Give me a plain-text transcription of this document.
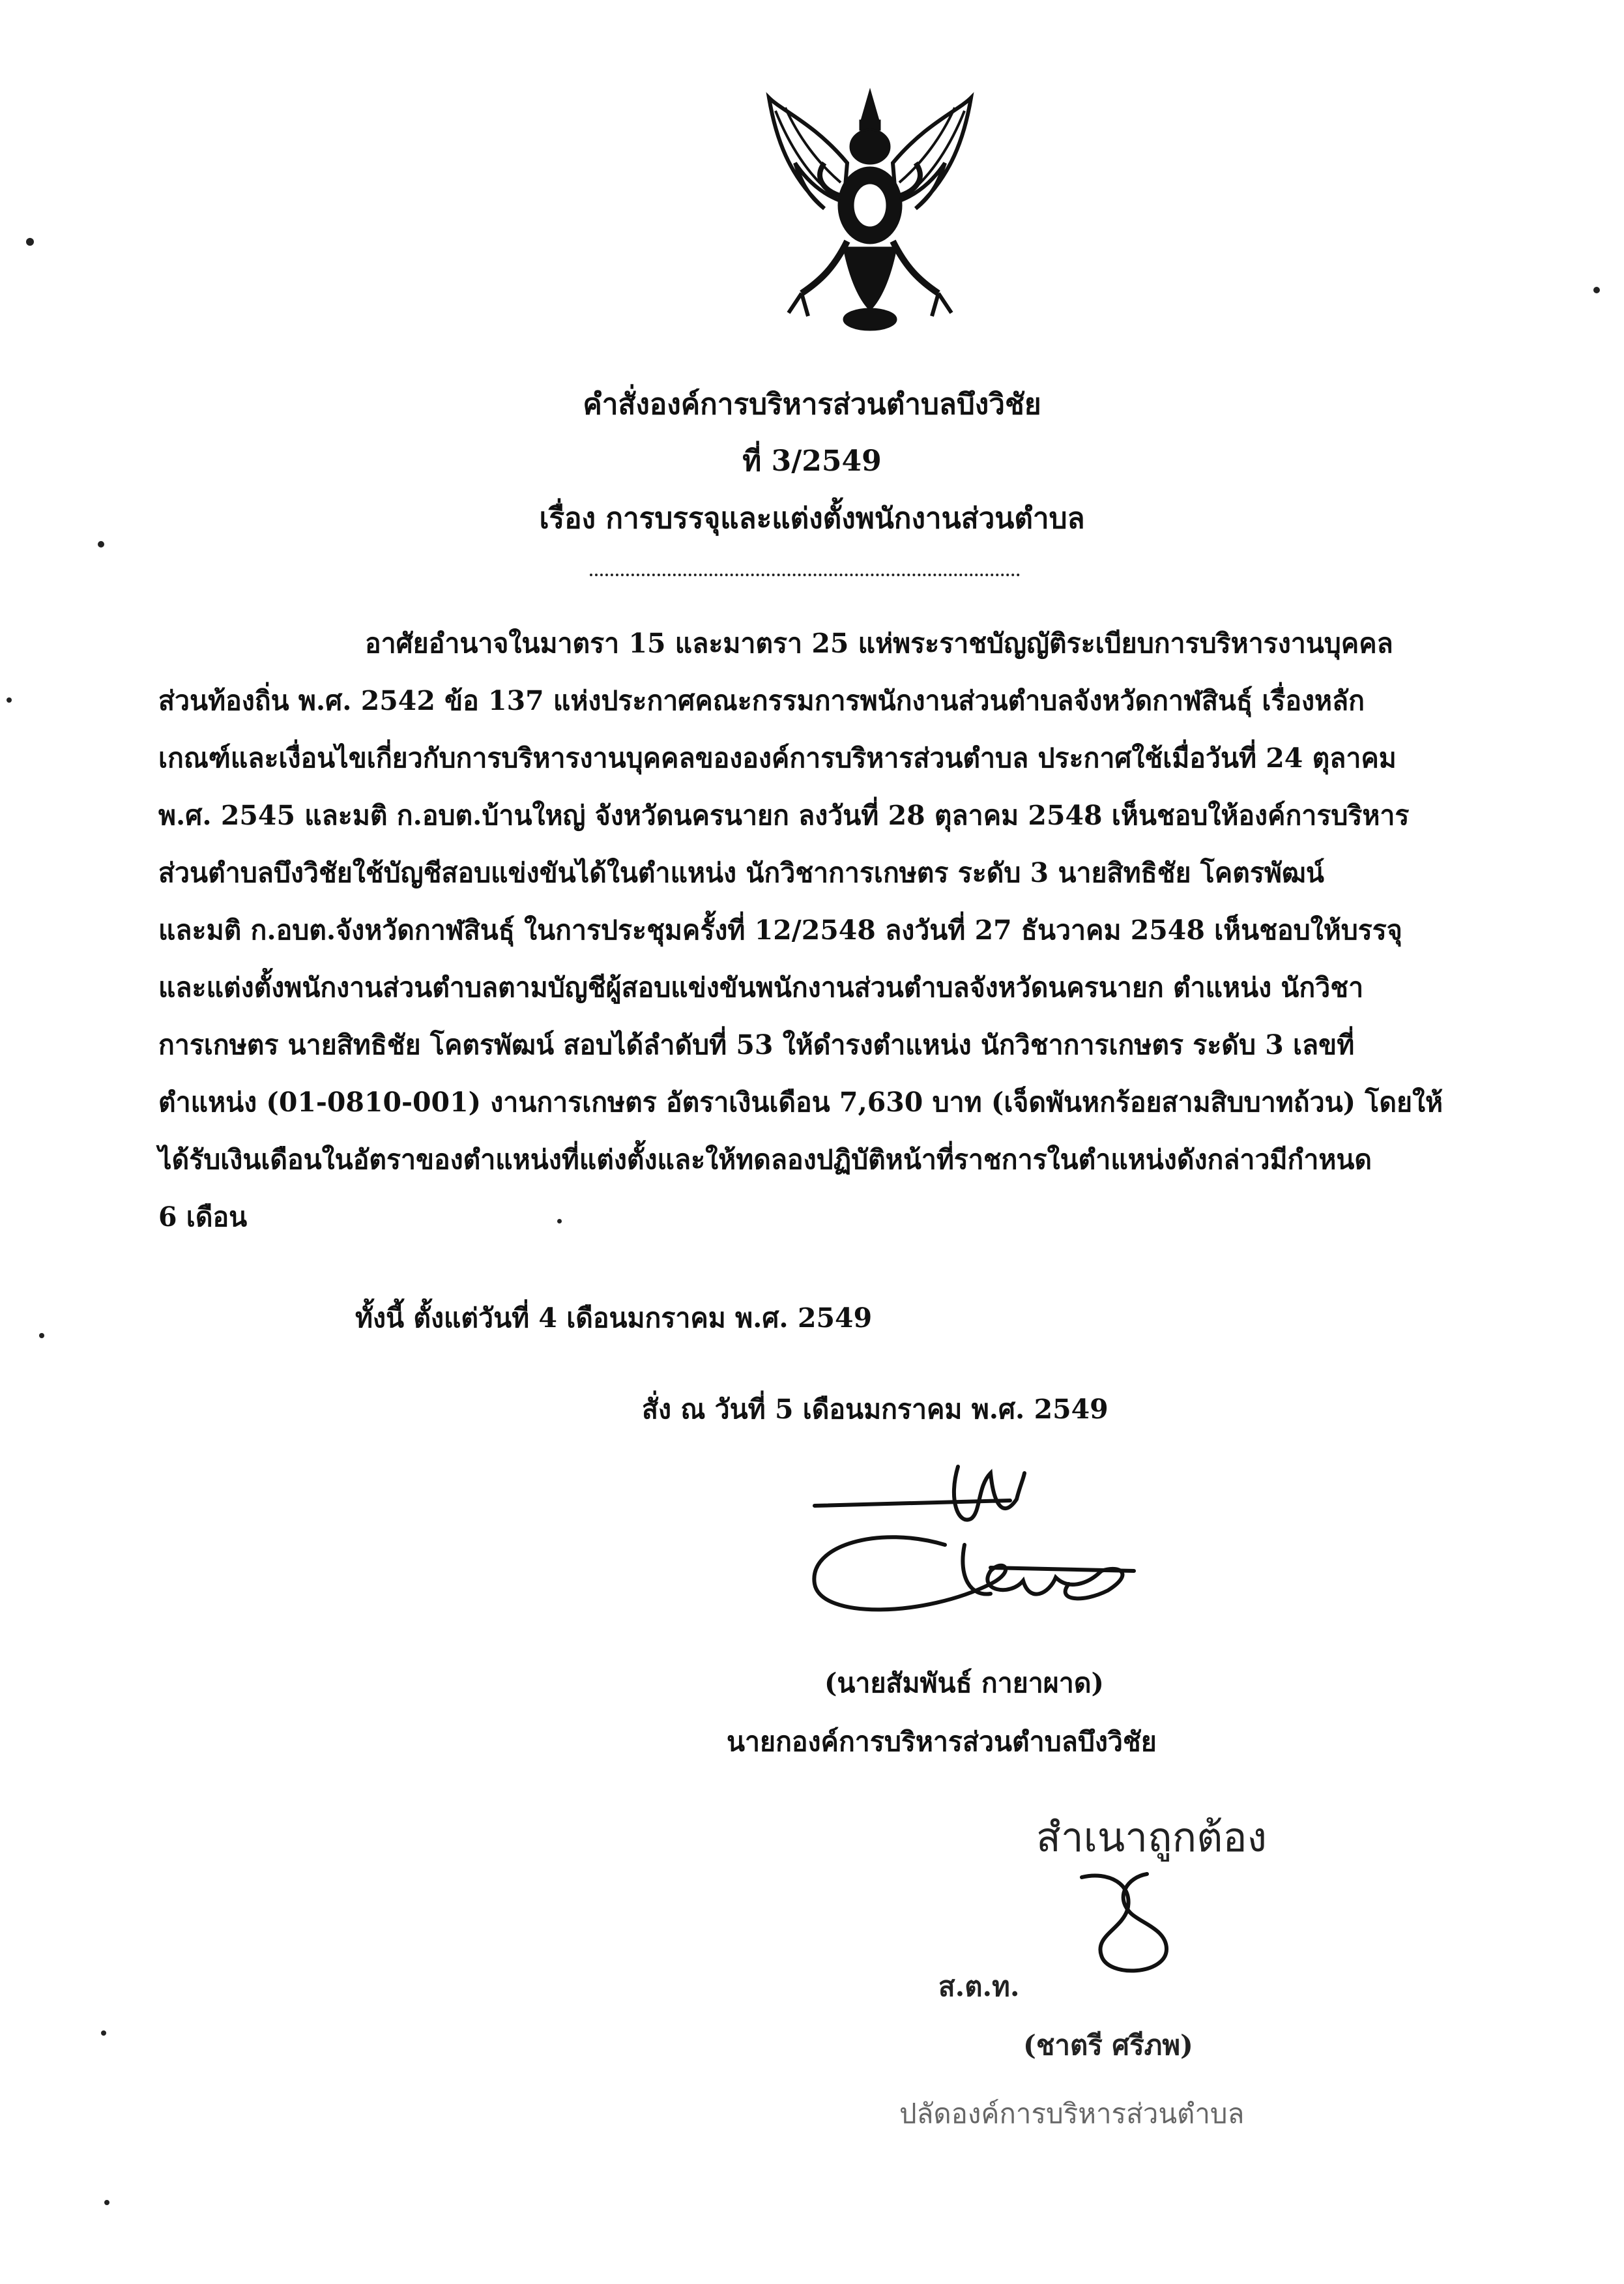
คำสั่งองค์การบริหารส่วนตำบลบึงวิชัย
ที่ 3/2549
เรื่อง การบรรจุและแต่งตั้งพนักงานส่วนตำบล
อาศัยอำนาจในมาตรา 15 และมาตรา 25 แห่พระราชบัญญัติระเบียบการบริหารงานบุคคล
ส่วนท้องถิ่น พ.ศ. 2542 ข้อ 137 แห่งประกาศคณะกรรมการพนักงานส่วนตำบลจังหวัดกาฬสินธุ์ เรื่องหลัก
เกณฑ์และเงื่อนไขเกี่ยวกับการบริหารงานบุคคลขององค์การบริหารส่วนตำบล ประกาศใช้เมื่อวันที่ 24 ตุลาคม
พ.ศ. 2545 และมติ ก.อบต.บ้านใหญ่ จังหวัดนครนายก ลงวันที่ 28 ตุลาคม 2548 เห็นชอบให้องค์การบริหาร
ส่วนตำบลบึงวิชัยใช้บัญชีสอบแข่งขันได้ในตำแหน่ง นักวิชาการเกษตร ระดับ 3 นายสิทธิชัย โคตรพัฒน์
และมติ ก.อบต.จังหวัดกาฬสินธุ์ ในการประชุมครั้งที่ 12/2548 ลงวันที่ 27 ธันวาคม 2548 เห็นชอบให้บรรจุ
และแต่งตั้งพนักงานส่วนตำบลตามบัญชีผู้สอบแข่งขันพนักงานส่วนตำบลจังหวัดนครนายก ตำแหน่ง นักวิชา
การเกษตร นายสิทธิชัย โคตรพัฒน์ สอบได้ลำดับที่ 53 ให้ดำรงตำแหน่ง นักวิชาการเกษตร ระดับ 3 เลขที่
ตำแหน่ง (01-0810-001) งานการเกษตร อัตราเงินเดือน 7,630 บาท (เจ็ดพันหกร้อยสามสิบบาทถ้วน) โดยให้
ได้รับเงินเดือนในอัตราของตำแหน่งที่แต่งตั้งและให้ทดลองปฏิบัติหน้าที่ราชการในตำแหน่งดังกล่าวมีกำหนด
6 เดือน
ทั้งนี้ ตั้งแต่วันที่ 4 เดือนมกราคม พ.ศ. 2549
สั่ง ณ วันที่ 5 เดือนมกราคม พ.ศ. 2549
(นายสัมพันธ์ กายาผาด)
นายกองค์การบริหารส่วนตำบลบึงวิชัย
สำเนาถูกต้อง
ส.ต.ท.
(ชาตรี ศรีภพ)
ปลัดองค์การบริหารส่วนตำบล
